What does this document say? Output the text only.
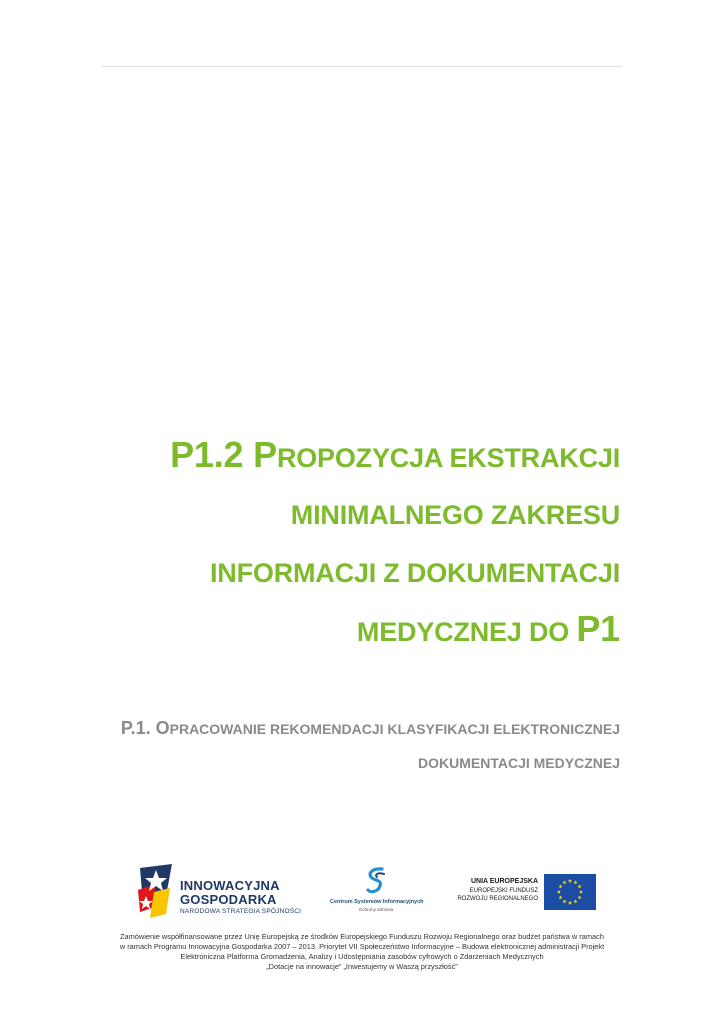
P1.2 PROPOZYCJA EKSTRAKCJI
MINIMALNEGO ZAKRESU
INFORMACJI Z DOKUMENTACJI
MEDYCZNEJ DO P1
P.1. OPRACOWANIE REKOMENDACJI KLASYFIKACJI ELEKTRONICZNEJ
DOKUMENTACJI MEDYCZNEJ
INNOWACYJNA
GOSPODARKA
NARODOWA STRATEGIA SPÓJNOŚCI
Centrum Systemów Informacyjnych
Ochrony Zdrowia
UNIA EUROPEJSKA
EUROPEJSKI FUNDUSZ
ROZWOJU REGIONALNEGO
Zamówienie współfinansowane przez Unię Europejską ze środków Europejskiego Funduszu Rozwoju Regionalnego oraz budżet państwa w ramach
w ramach Programu Innowacyjna Gospodarka 2007 – 2013. Priorytet VII Społeczeństwo Informacyjne – Budowa elektronicznej administracji Projekt
Elektroniczna Platforma Gromadzenia, Analizy i Udostępniania zasobów cyfrowych o Zdarzeniach Medycznych
„Dotacje na innowacje” „Inwestujemy w Waszą przyszłość”
